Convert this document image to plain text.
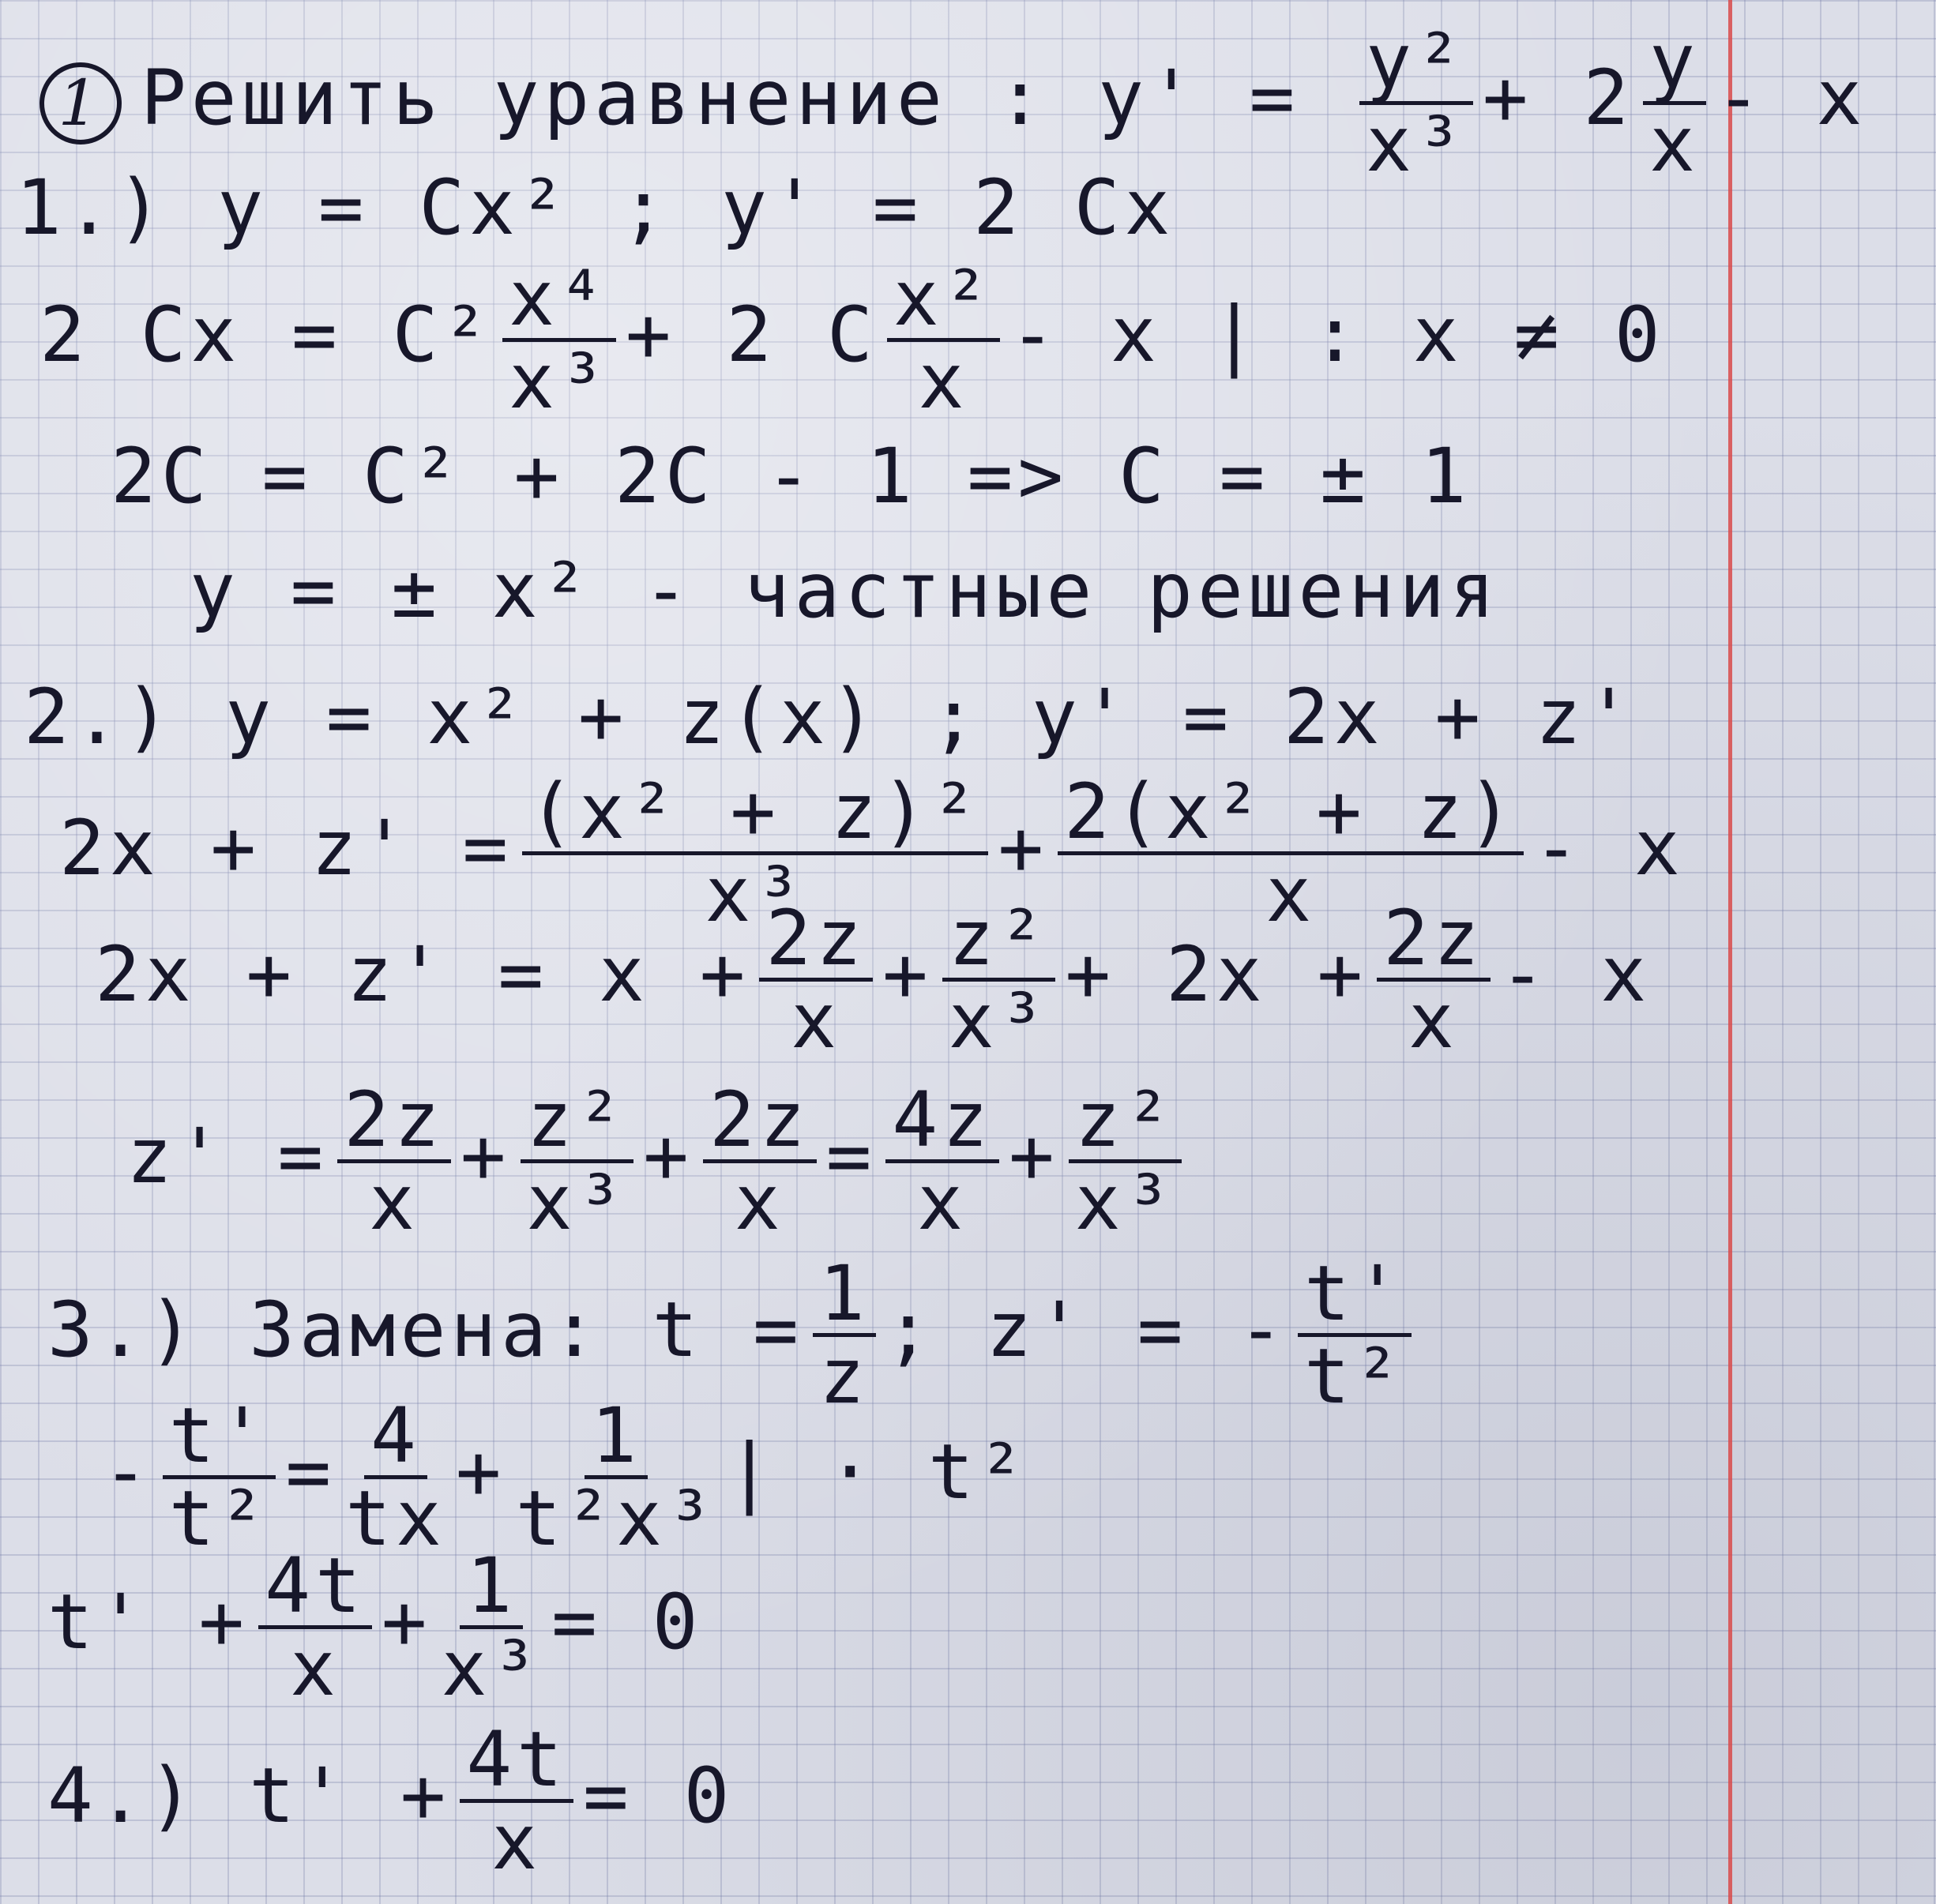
1 Решить уравнение : $y' = \frac{\text{y²}}{\text{x³}} + 2 \frac{y}{x} - x$
1.) y = Cx² ; y' = 2 Cx
2 $Cx = C^2 \frac{\text{x⁴}}{\text{x³}} + 2$ C $\frac{\text{x²}}{x}$ - x | : x ≠ 0
2C = C² + 2C - 1 => C = ± 1
y = ± x² - частные решения
2.) y = x² + z(x) ; y' = 2x + z'
$2x + z' = \frac{\text{(x² + z)²}}{\text{x³}} + \frac{\text{2(x² + z)}}{x} - x$
$2x + z' = x + \frac{2z}{x} + \frac{\text{z²}}{\text{x³}} + 2x + \frac{2z}{x} - x$
$z' = \frac{2z}{x} + \frac{\text{z²}}{\text{x³}} + \frac{2z}{x} = \frac{4z}{x} + \frac{\text{z²}}{\text{x³}}$
3.) Замена: $t = \frac{1}{z}$ ; z' = - $\frac{t'}{\text{t²}}$
- $\frac{t'}{\text{t²}} = \frac{4}{tx} + \frac{1}{\text{t²x³}}$ | · t²
$t' + \frac{4t}{x} + \frac{1}{\text{x³}} = 0$
4.) $t' + \frac{4t}{x} = 0$
